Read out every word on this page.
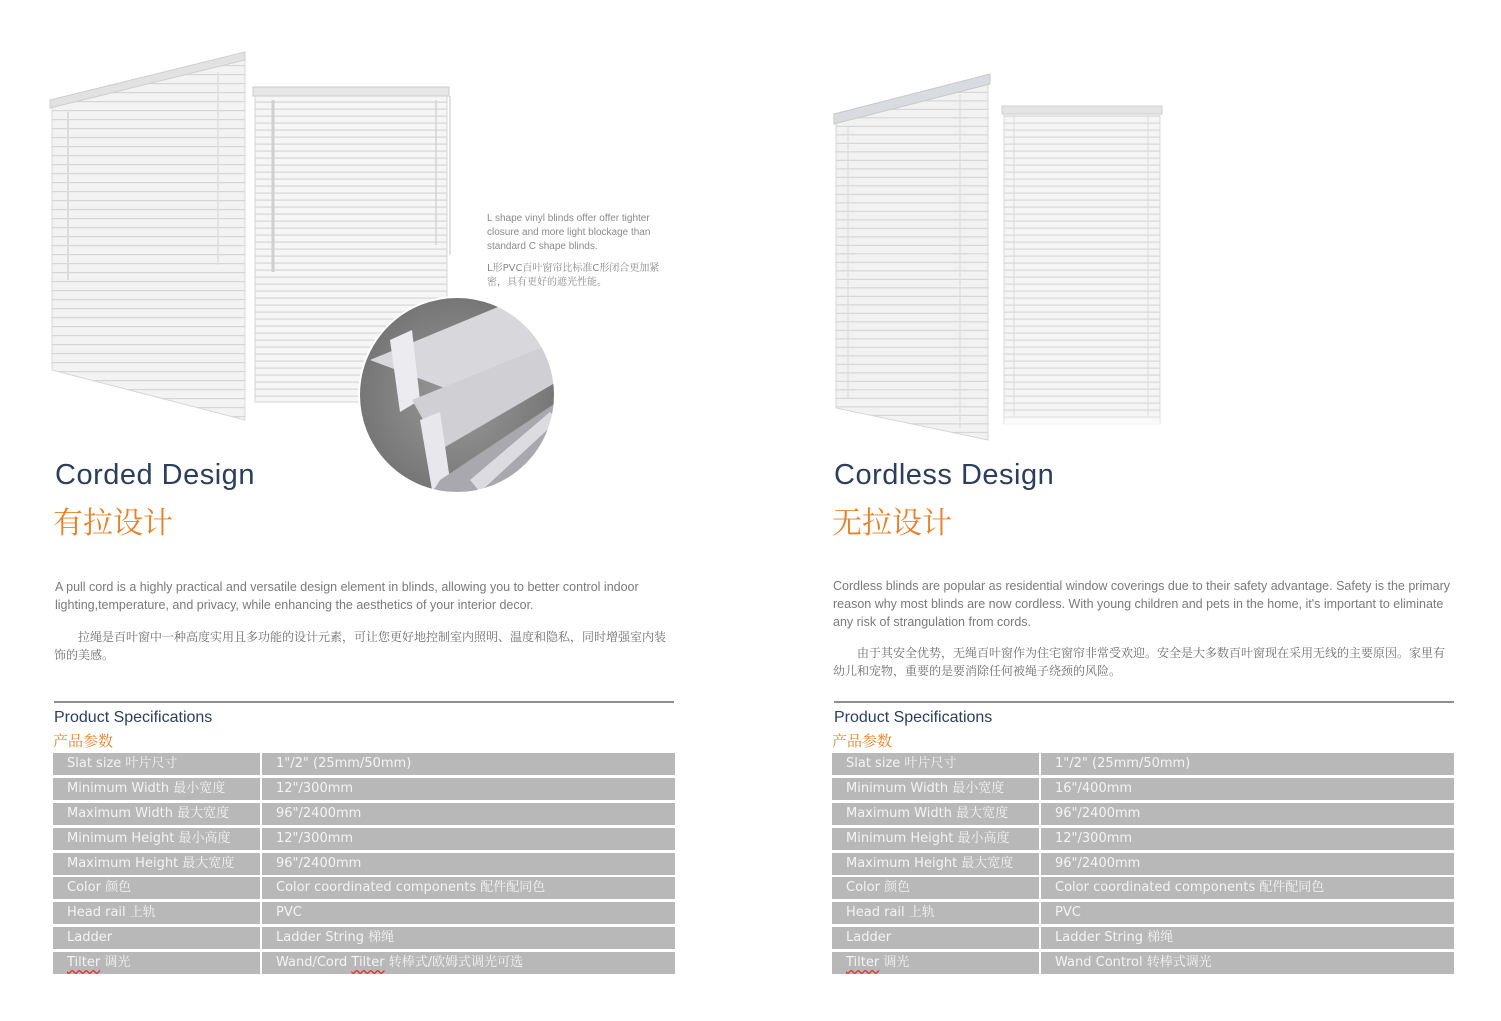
L shape vinyl blinds offer offer tighter closure and more light blockage than standard C shape blinds.
L形PVC百叶窗帘比标准C形闭合更加紧密，具有更好的遮光性能。
Corded Design
有拉设计
A pull cord is a highly practical and versatile design element in blinds, allowing you to better control indoor lighting,temperature, and privacy, while enhancing the aesthetics of your interior decor.
拉绳是百叶窗中一种高度实用且多功能的设计元素，可让您更好地控制室内照明、温度和隐私，同时增强室内装饰的美感。
Product Specifications
产品参数
Slat size 叶片尺寸	1"/2" (25mm/50mm)
Minimum Width 最小宽度	12"/300mm
Maximum Width 最大宽度	96"/2400mm
Minimum Height 最小高度	12"/300mm
Maximum Height 最大宽度	96"/2400mm
Color 颜色	Color coordinated components 配件配同色
Head rail 上轨	PVC
Ladder	Ladder String 梯绳
Tilter 调光	Wand/Cord Tilter 转棒式/欧姆式调光可选
Cordless Design
无拉设计
Cordless blinds are popular as residential window coverings due to their safety advantage. Safety is the primary reason why most blinds are now cordless. With young children and pets in the home, it's important to eliminate any risk of strangulation from cords.
由于其安全优势，无绳百叶窗作为住宅窗帘非常受欢迎。安全是大多数百叶窗现在采用无线的主要原因。家里有幼儿和宠物，重要的是要消除任何被绳子绕颈的风险。
Product Specifications
产品参数
Slat size 叶片尺寸	1"/2" (25mm/50mm)
Minimum Width 最小宽度	16"/400mm
Maximum Width 最大宽度	96"/2400mm
Minimum Height 最小高度	12"/300mm
Maximum Height 最大宽度	96"/2400mm
Color 颜色	Color coordinated components 配件配同色
Head rail 上轨	PVC
Ladder	Ladder String 梯绳
Tilter 调光	Wand Control 转棒式调光
